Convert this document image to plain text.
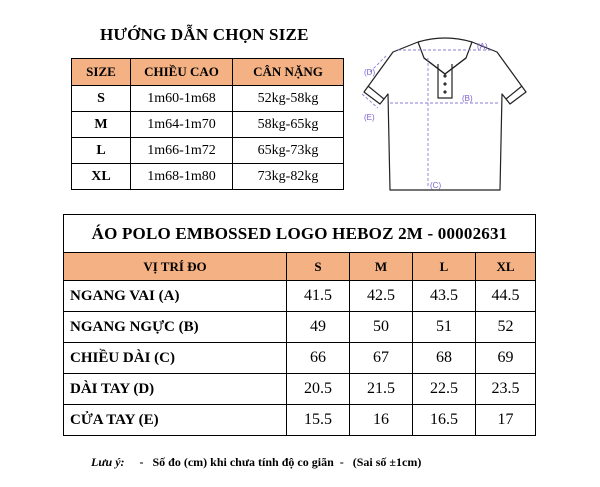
HƯỚNG DẪN CHỌN SIZE
SIZE	CHIỀU CAO	CÂN NẶNG
S	1m60-1m68	52kg-58kg
M	1m64-1m70	58kg-65kg
L	1m66-1m72	65kg-73kg
XL	1m68-1m80	73kg-82kg
(A)
(B)
(C)
(D)
(E)
ÁO POLO EMBOSSED LOGO HEBOZ 2M - 00002631				
VỊ TRÍ ĐO	S	M	L	XL
NGANG VAI (A)	41.5	42.5	43.5	44.5
NGANG NGỰC (B)	49	50	51	52
CHIỀU DÀI (C)	66	67	68	69
DÀI TAY (D)	20.5	21.5	22.5	23.5
CỬA TAY (E)	15.5	16	16.5	17
Lưu ý: -   Số đo (cm) khi chưa tính độ co giãn  -   (Sai số ±1cm)
